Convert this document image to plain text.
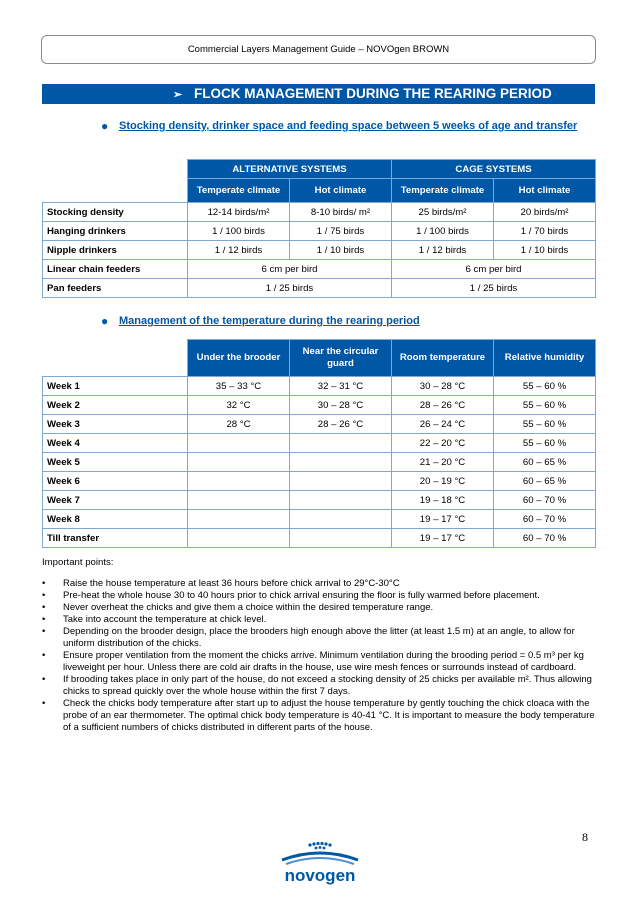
Commercial Layers Management Guide – NOVOgen BROWN
➢ FLOCK MANAGEMENT DURING THE REARING PERIOD
● Stocking density, drinker space and feeding space between 5 weeks of age and transfer
	ALTERNATIVE SYSTEMS		CAGE SYSTEMS	
	Temperate climate	Hot climate	Temperate climate	Hot climate
Stocking density	12-14 birds/m²	8-10 birds/ m²	25 birds/m²	20 birds/m²
Hanging drinkers	1 / 100 birds	1 / 75 birds	1 / 100 birds	1 / 70 birds
Nipple drinkers	1 / 12 birds	1 / 10 birds	1 / 12 birds	1 / 10 birds
Linear chain feeders	6 cm per bird		6 cm per bird	
Pan feeders	1 / 25 birds		1 / 25 birds	
● Management of the temperature during the rearing period
	Under the brooder	Near the circular guard	Room temperature	Relative humidity
Week 1	35 – 33 °C	32 – 31 °C	30 – 28 °C	55 – 60 %
Week 2	32 °C	30 – 28 °C	28 – 26 °C	55 – 60 %
Week 3	28 °C	28 – 26 °C	26 – 24 °C	55 – 60 %
Week 4			22 – 20 °C	55 – 60 %
Week 5			21 – 20 °C	60 – 65 %
Week 6			20 – 19 °C	60 – 65 %
Week 7			19 – 18 °C	60 – 70 %
Week 8			19 – 17 °C	60 – 70 %
Till transfer			19 – 17 °C	60 – 70 %
Important points:
• Raise the house temperature at least 36 hours before chick arrival to 29°C-30°C
• Pre-heat the whole house 30 to 40 hours prior to chick arrival ensuring the floor is fully warmed before placement.
• Never overheat the chicks and give them a choice within the desired temperature range.
• Take into account the temperature at chick level.
• Depending on the brooder design, place the brooders high enough above the litter (at least 1.5 m) at an angle, to allow for uniform distribution of the chicks.
• Ensure proper ventilation from the moment the chicks arrive. Minimum ventilation during the brooding period = 0.5 m³ per kg liveweight per hour. Unless there are cold air drafts in the house, use wire mesh fences or surrounds instead of cardboard.
• If brooding takes place in only part of the house, do not exceed a stocking density of 25 chicks per available m². Thus allowing chicks to spread quickly over the whole house within the first 7 days.
• Check the chicks body temperature after start up to adjust the house temperature by gently touching the chick cloaca with the probe of an ear thermometer. The optimal chick body temperature is 40-41 °C. It is important to measure the body temperature of a sufficient numbers of chicks distributed in different parts of the house.
8
novogen
